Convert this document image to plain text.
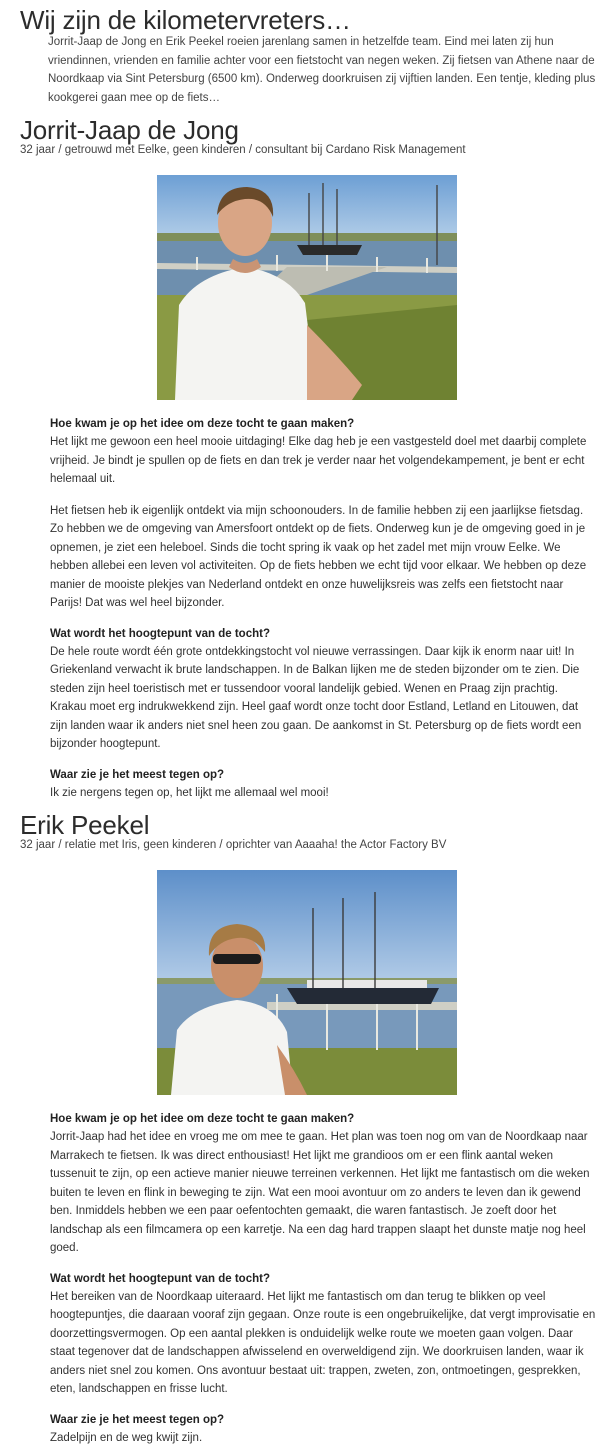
Wij zijn de kilometervreters…

Jorrit-Jaap de Jong en Erik Peekel roeien jarenlang samen in hetzelfde team. Eind mei laten zij hun vriendinnen, vrienden en familie achter voor een fietstocht van negen weken. Zij fietsen van Athene naar de Noordkaap via Sint Petersburg (6500 km). Onderweg doorkruisen zij vijftien landen. Een tentje, kleding plus kookgerei gaan mee op de fiets…

Jorrit-Jaap de Jong
32 jaar / getrouwd met Eelke, geen kinderen / consultant bij Cardano Risk Management

Hoe kwam je op het idee om deze tocht te gaan maken?

Het lijkt me gewoon een heel mooie uitdaging! Elke dag heb je een vastgesteld doel met daarbij complete vrijheid. Je bindt je spullen op de fiets en dan trek je verder naar het volgendekampement, je bent er echt helemaal uit.

Het fietsen heb ik eigenlijk ontdekt via mijn schoonouders. In de familie hebben zij een jaarlijkse fietsdag. Zo hebben we de omgeving van Amersfoort ontdekt op de fiets. Onderweg kun je de omgeving goed in je opnemen, je ziet een heleboel. Sinds die tocht spring ik vaak op het zadel met mijn vrouw Eelke. We hebben allebei een leven vol activiteiten. Op de fiets hebben we echt tijd voor elkaar. We hebben op deze manier de mooiste plekjes van Nederland ontdekt en onze huwelijksreis was zelfs een fietstocht naar Parijs! Dat was wel heel bijzonder.

Wat wordt het hoogtepunt van de tocht?

De hele route wordt één grote ontdekkingstocht vol nieuwe verrassingen. Daar kijk ik enorm naar uit! In Griekenland verwacht ik brute landschappen. In de Balkan lijken me de steden bijzonder om te zien. Die steden zijn heel toeristisch met er tussendoor vooral landelijk gebied. Wenen en Praag zijn prachtig. Krakau moet erg indrukwekkend zijn. Heel gaaf wordt onze tocht door Estland, Letland en Litouwen, dat zijn landen waar ik anders niet snel heen zou gaan. De aankomst in St. Petersburg op de fiets wordt een bijzonder hoogtepunt.

Waar zie je het meest tegen op?

Ik zie nergens tegen op, het lijkt me allemaal wel mooi!

Erik Peekel
32 jaar / relatie met Iris, geen kinderen / oprichter van Aaaaha! the Actor Factory BV

Hoe kwam je op het idee om deze tocht te gaan maken?

Jorrit-Jaap had het idee en vroeg me om mee te gaan. Het plan was toen nog om van de Noordkaap naar Marrakech te fietsen. Ik was direct enthousiast! Het lijkt me grandioos om er een flink aantal weken tussenuit te zijn, op een actieve manier nieuwe terreinen verkennen. Het lijkt me fantastisch om die weken buiten te leven en flink in beweging te zijn. Wat een mooi avontuur om zo anders te leven dan ik gewend ben. Inmiddels hebben we een paar oefentochten gemaakt, die waren fantastisch. Je zoeft door het landschap als een filmcamera op een karretje. Na een dag hard trappen slaapt het dunste matje nog heel goed.

Wat wordt het hoogtepunt van de tocht?

Het bereiken van de Noordkaap uiteraard. Het lijkt me fantastisch om dan terug te blikken op veel hoogtepuntjes, die daaraan vooraf zijn gegaan. Onze route is een ongebruikelijke, dat vergt improvisatie en doorzettingsvermogen. Op een aantal plekken is onduidelijk welke route we moeten gaan volgen. Daar staat tegenover dat de landschappen afwisselend en overweldigend zijn. We doorkruisen landen, waar ik anders niet snel zou komen. Ons avontuur bestaat uit: trappen, zweten, zon, ontmoetingen, gesprekken, eten, landschappen en frisse lucht.

Waar zie je het meest tegen op?

Zadelpijn en de weg kwijt zijn.
